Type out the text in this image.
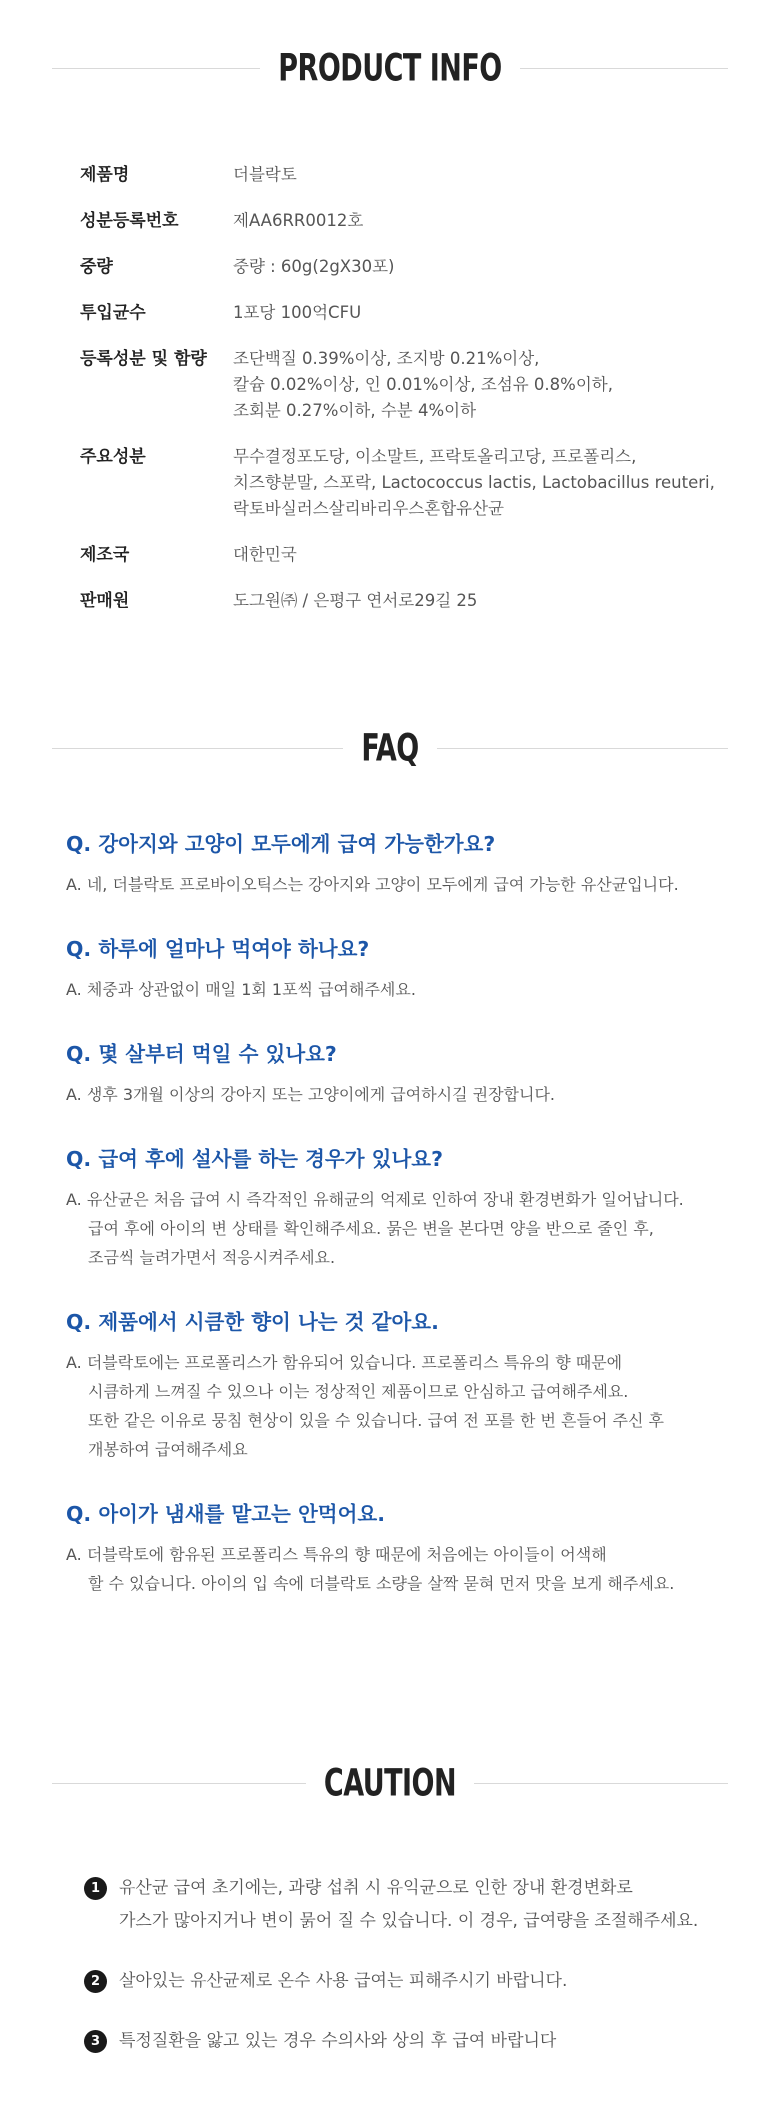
PRODUCT INFO
제품명	더블락토
성분등록번호	제AA6RR0012호
중량	중량 : 60g(2gX30포)
투입균수	1포당 100억CFU
등록성분 및 함량	조단백질 0.39%이상, 조지방 0.21%이상,
칼슘 0.02%이상, 인 0.01%이상, 조섬유 0.8%이하,
조회분 0.27%이하, 수분 4%이하
주요성분	무수결정포도당, 이소말트, 프락토올리고당, 프로폴리스,
치즈향분말, 스포락, Lactococcus lactis, Lactobacillus reuteri,
락토바실러스살리바리우스혼합유산균
제조국	대한민국
판매원	도그원㈜ / 은평구 연서로29길 25
FAQ
Q. 강아지와 고양이 모두에게 급여 가능한가요?
A. 네, 더블락토 프로바이오틱스는 강아지와 고양이 모두에게 급여 가능한 유산균입니다.
Q. 하루에 얼마나 먹여야 하나요?
A. 체중과 상관없이 매일 1회 1포씩 급여해주세요.
Q. 몇 살부터 먹일 수 있나요?
A. 생후 3개월 이상의 강아지 또는 고양이에게 급여하시길 권장합니다.
Q. 급여 후에 설사를 하는 경우가 있나요?
A. 유산균은 처음 급여 시 즉각적인 유해균의 억제로 인하여 장내 환경변화가 일어납니다.
급여 후에 아이의 변 상태를 확인해주세요. 묽은 변을 본다면 양을 반으로 줄인 후,
조금씩 늘려가면서 적응시켜주세요.
Q. 제품에서 시큼한 향이 나는 것 같아요.
A. 더블락토에는 프로폴리스가 함유되어 있습니다. 프로폴리스 특유의 향 때문에
시큼하게 느껴질 수 있으나 이는 정상적인 제품이므로 안심하고 급여해주세요.
또한 같은 이유로 뭉침 현상이 있을 수 있습니다. 급여 전 포를 한 번 흔들어 주신 후
개봉하여 급여해주세요
Q. 아이가 냄새를 맡고는 안먹어요.
A. 더블락토에 함유된 프로폴리스 특유의 향 때문에 처음에는 아이들이 어색해
할 수 있습니다. 아이의 입 속에 더블락토 소량을 살짝 묻혀 먼저 맛을 보게 해주세요.
CAUTION
1	유산균 급여 초기에는, 과량 섭취 시 유익균으로 인한 장내 환경변화로
가스가 많아지거나 변이 묽어 질 수 있습니다. 이 경우, 급여량을 조절해주세요.
2	살아있는 유산균제로 온수 사용 급여는 피해주시기 바랍니다.
3	특정질환을 앓고 있는 경우 수의사와 상의 후 급여 바랍니다
